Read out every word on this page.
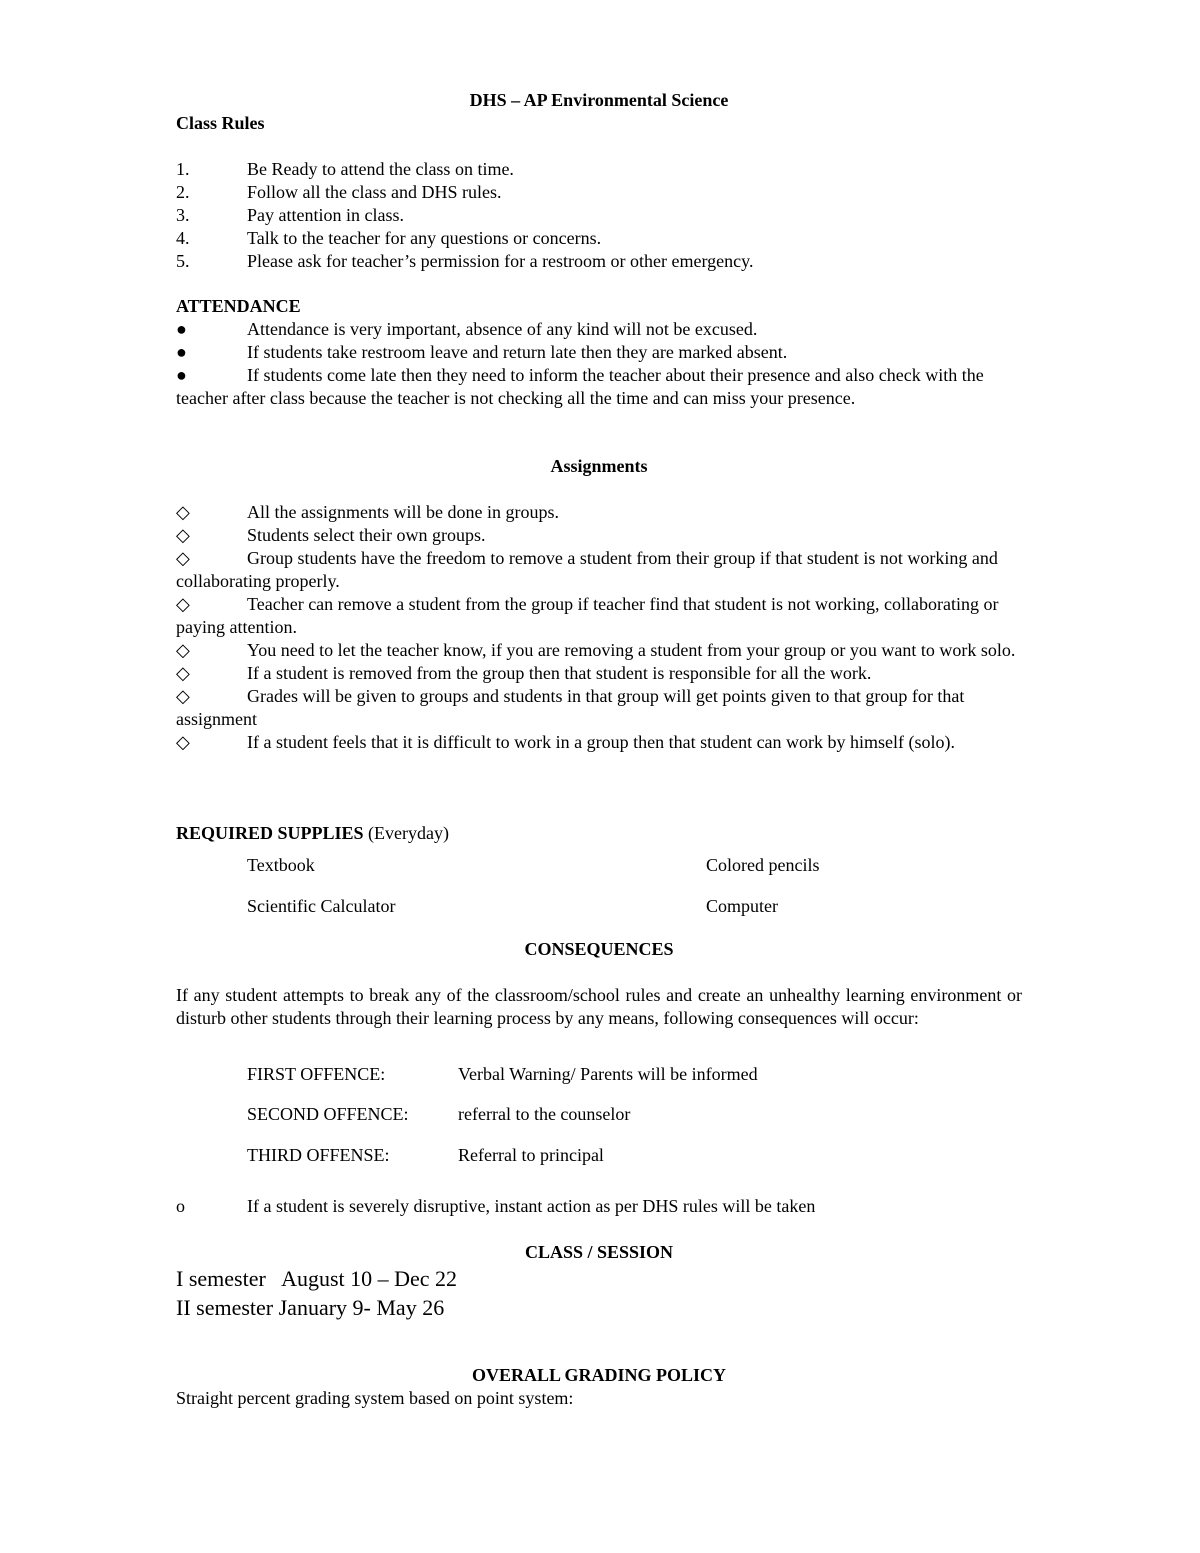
DHS – AP Environmental Science
Class Rules
1.	Be Ready to attend the class on time.
2.	Follow all the class and DHS rules.
3.	Pay attention in class.
4.	Talk to the teacher for any questions or concerns.
5.	Please ask for teacher’s permission for a restroom or other emergency.
ATTENDANCE
●	Attendance is very important, absence of any kind will not be excused.
●	If students take restroom leave and return late then they are marked absent.
●	If students come late then they need to inform the teacher about their presence and also check with the teacher after class because the teacher is not checking all the time and can miss your presence.
Assignments
◇	All the assignments will be done in groups.
◇	Students select their own groups.
◇	Group students have the freedom to remove a student from their group if that student is not working and collaborating properly.
◇	Teacher can remove a student from the group if teacher find that student is not working, collaborating or paying attention.
◇	You need to let the teacher know, if you are removing a student from your group or you want to work solo.
◇	If a student is removed from the group then that student is responsible for all the work.
◇	Grades will be given to groups and students in that group will get points given to that group for that assignment
◇	If a student feels that it is difficult to work in a group then that student can work by himself (solo).
REQUIRED SUPPLIES (Everyday)
Textbook	Colored pencils
Scientific Calculator	Computer
CONSEQUENCES
If any student attempts to break any of the classroom/school rules and create an unhealthy learning environment or disturb other students through their learning process by any means, following consequences will occur:
FIRST OFFENCE:	Verbal Warning/ Parents will be informed
SECOND OFFENCE:	referral to the counselor
THIRD OFFENSE:	Referral to principal
o	If a student is severely disruptive, instant action as per DHS rules will be taken
CLASS / SESSION
I semester   August 10 – Dec 22
II semester January 9- May 26
OVERALL GRADING POLICY
Straight percent grading system based on point system:
